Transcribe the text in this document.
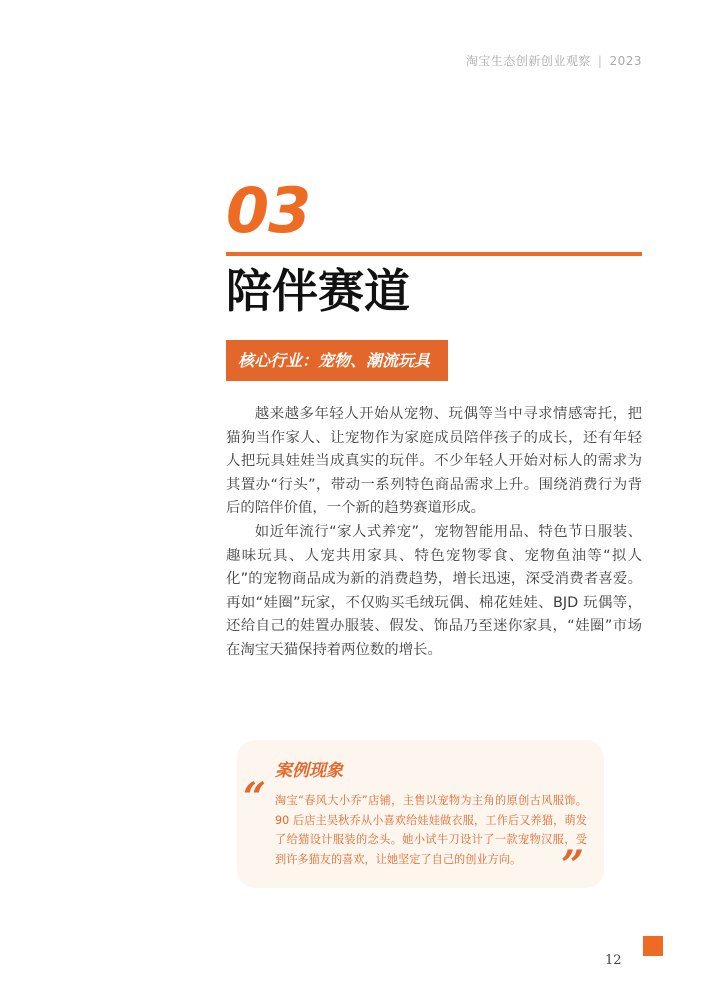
淘宝生态创新创业观察 | 2023
03
陪伴赛道
核心行业：宠物、潮流玩具

越来越多年轻人开始从宠物、玩偶等当中寻求情感寄托，把猫狗当作家人、让宠物作为家庭成员陪伴孩子的成长，还有年轻人把玩具娃娃当成真实的玩伴。不少年轻人开始对标人的需求为其置办“行头”，带动一系列特色商品需求上升。围绕消费行为背后的陪伴价值，一个新的趋势赛道形成。

如近年流行“家人式养宠”，宠物智能用品、特色节日服装、趣味玩具、人宠共用家具、特色宠物零食、宠物鱼油等“拟人化”的宠物商品成为新的消费趋势，增长迅速，深受消费者喜爱。再如“娃圈”玩家，不仅购买毛绒玩偶、棉花娃娃、BJD 玩偶等，还给自己的娃置办服装、假发、饰品乃至迷你家具，“娃圈”市场在淘宝天猫保持着两位数的增长。

案例现象
“ 淘宝“春风大小乔”店铺，主售以宠物为主角的原创古风服饰。90 后店主吴秋乔从小喜欢给娃娃做衣服，工作后又养猫，萌发了给猫设计服装的念头。她小试牛刀设计了一款宠物汉服，受到许多猫友的喜欢，让她坚定了自己的创业方向。 ”
12
